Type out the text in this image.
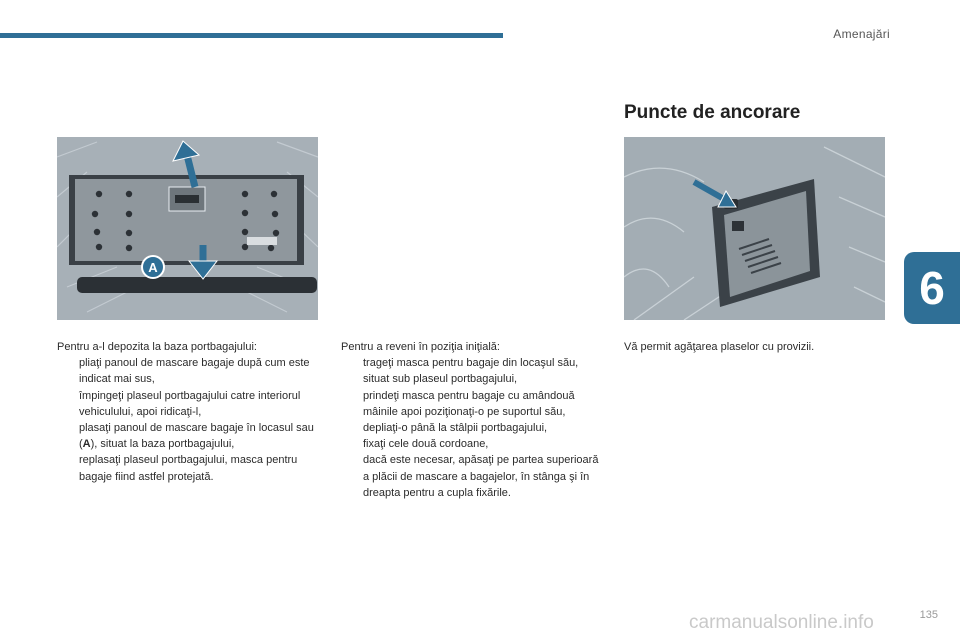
Amenajări
6
Puncte de ancorare
A
Pentru a-l depozita la baza portbagajului:
pliaţi panoul de mascare bagaje după cum este indicat mai sus,
împingeţi plaseul portbagajului catre interiorul vehiculului, apoi ridicaţi-l,
plasaţi panoul de mascare bagaje în locasul sau (A), situat la baza portbagajului,
replasaţi plaseul portbagajului, masca pentru bagaje fiind astfel protejată.
Pentru a reveni în poziţia iniţială:
trageţi masca pentru bagaje din locaşul său, situat sub plaseul portbagajului,
prindeţi masca pentru bagaje cu amândouă mâinile apoi poziţionaţi-o pe suportul său,
depliaţi-o până la stâlpii portbagajului,
fixaţi cele două cordoane,
dacă este necesar, apăsaţi pe partea superioară a plăcii de mascare a bagajelor, în stânga şi în dreapta pentru a cupla fixările.
Vă permit agăţarea plaselor cu provizii.
135
carmanualsonline.info
